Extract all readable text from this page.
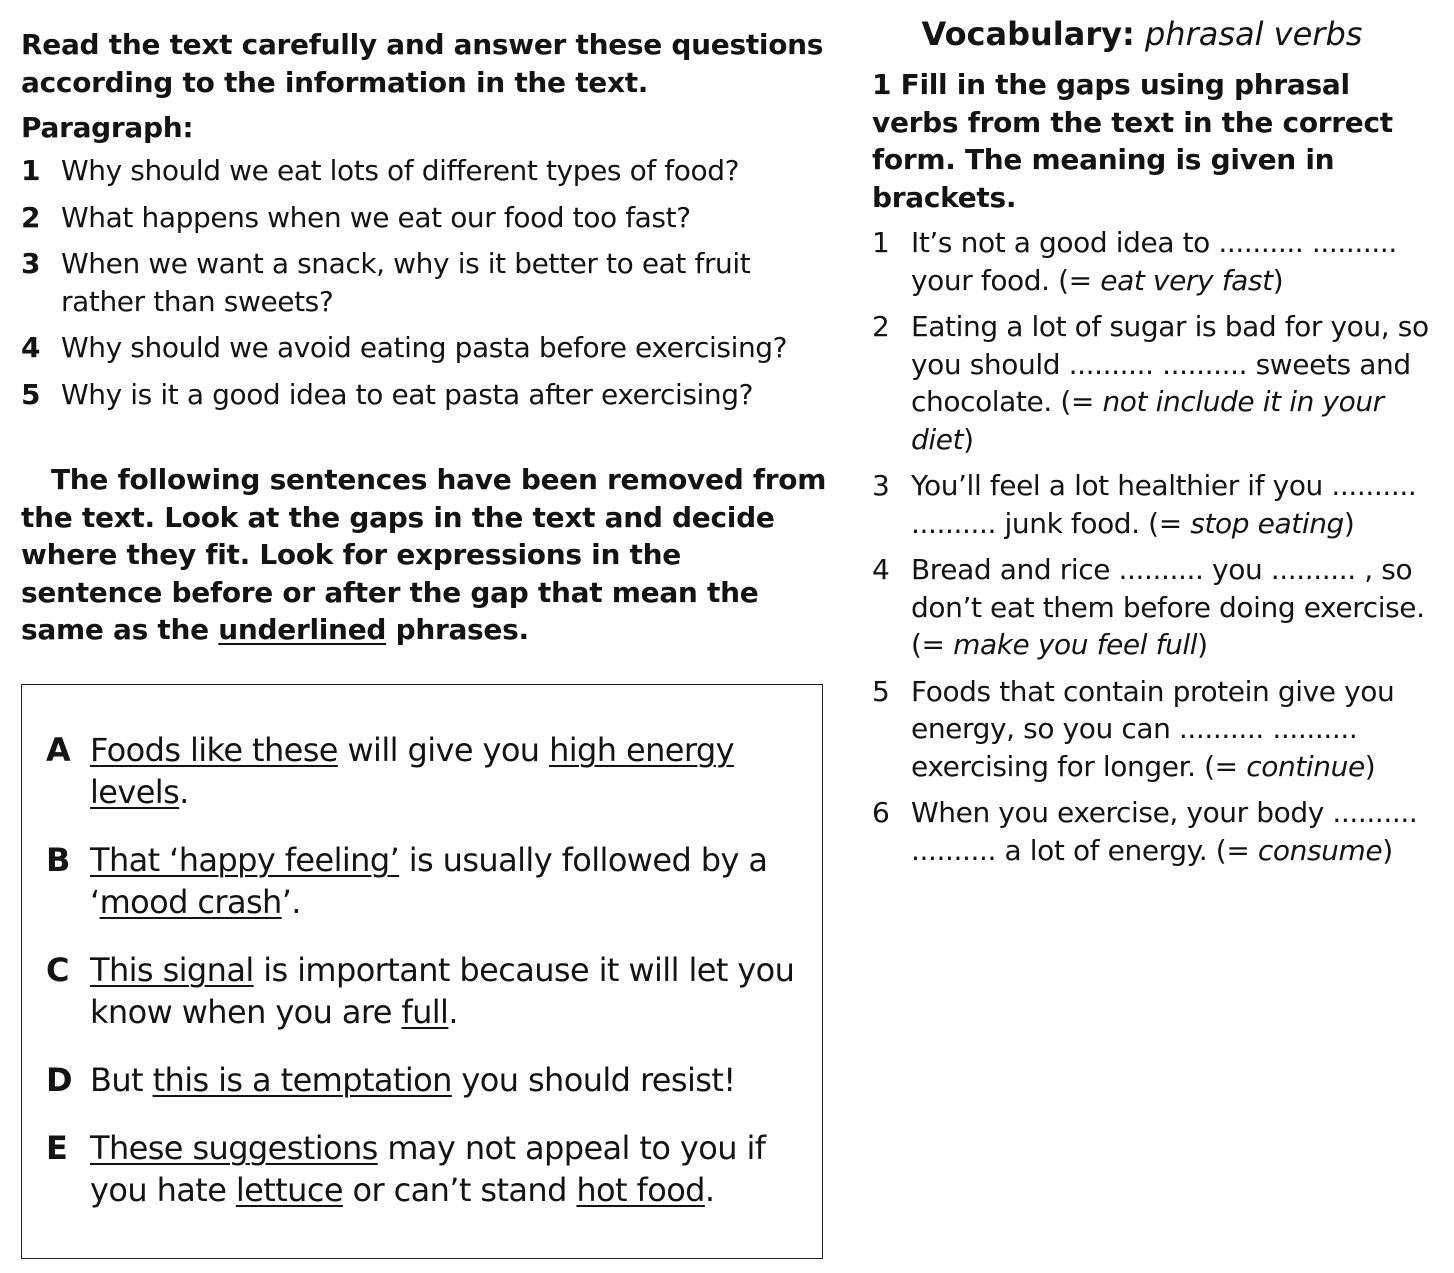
Read the text carefully and answer these questions
according to the information in the text.

Paragraph:

1 Why should we eat lots of different types of food?
2 What happens when we eat our food too fast?
3 When we want a snack, why is it better to eat fruit rather than sweets?
4 Why should we avoid eating pasta before exercising?
5 Why is it a good idea to eat pasta after exercising?

The following sentences have been removed from the text. Look at the gaps in the text and decide where they fit. Look for expressions in the sentence before or after the gap that mean the same as the underlined phrases.

A Foods like these will give you high energy levels.
B That ‘happy feeling’ is usually followed by a ‘mood crash’.
C This signal is important because it will let you know when you are full.
D But this is a temptation you should resist!
E These suggestions may not appeal to you if you hate lettuce or can’t stand hot food.

Vocabulary: phrasal verbs

1 Fill in the gaps using phrasal verbs from the text in the correct form. The meaning is given in brackets.

1 It’s not a good idea to .......... .......... your food. (= eat very fast)
2 Eating a lot of sugar is bad for you, so you should .......... .......... sweets and chocolate. (= not include it in your diet)
3 You’ll feel a lot healthier if you .......... .......... junk food. (= stop eating)
4 Bread and rice .......... you .......... , so don’t eat them before doing exercise. (= make you feel full)
5 Foods that contain protein give you energy, so you can .......... .......... exercising for longer. (= continue)
6 When you exercise, your body .......... .......... a lot of energy. (= consume)
